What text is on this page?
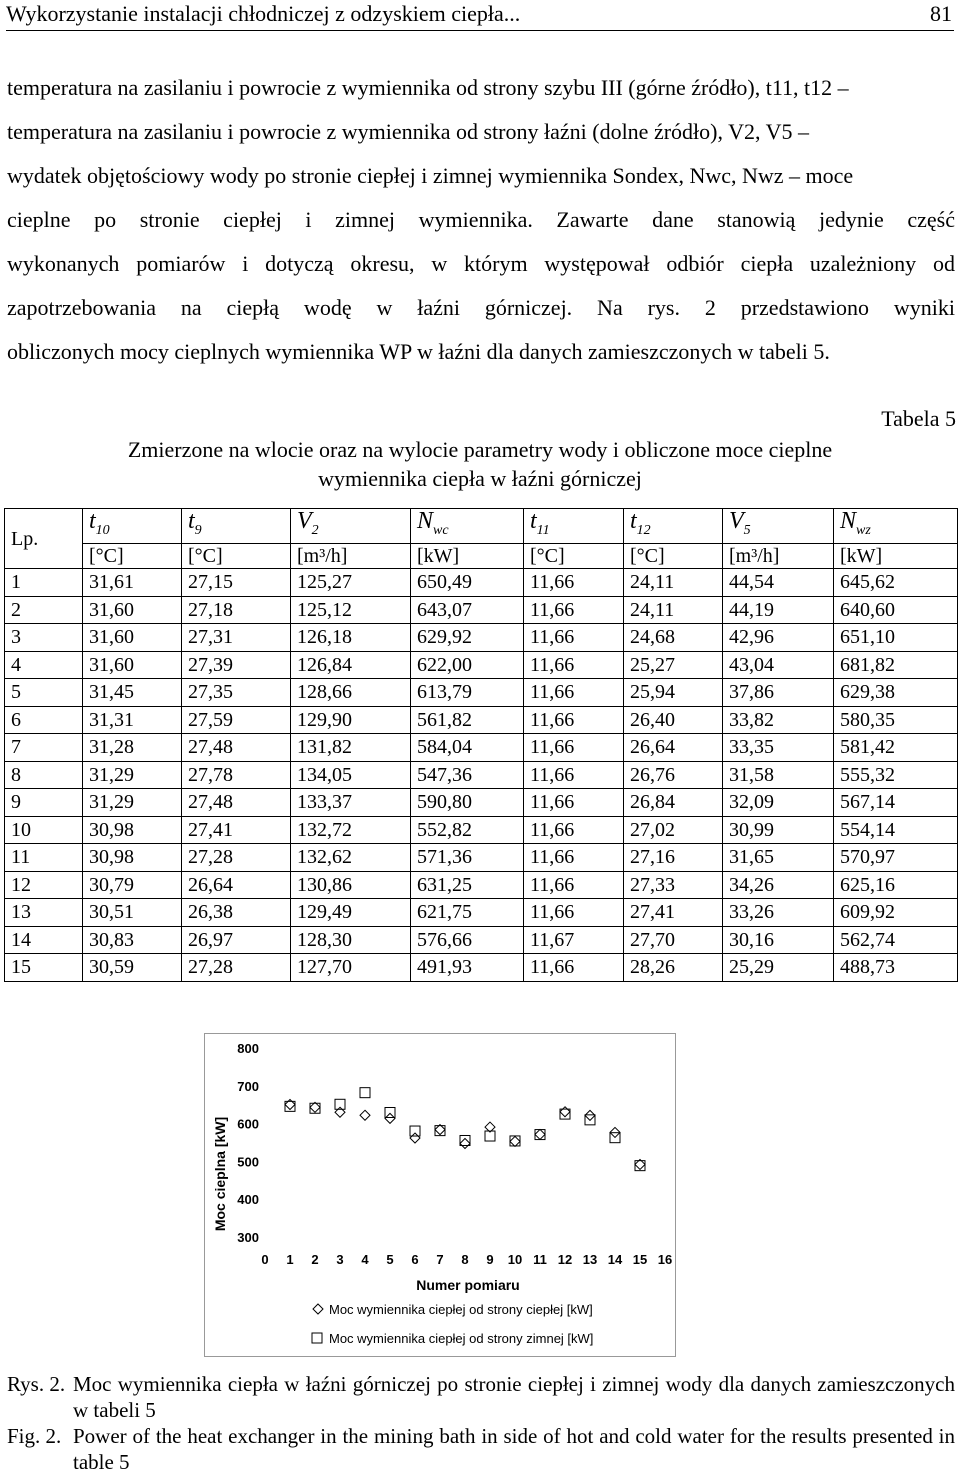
Wykorzystanie instalacji chłodniczej z odzyskiem ciepła...	81
temperatura na zasilaniu i powrocie z wymiennika od strony szybu III (górne źródło), t11, t12 –
temperatura na zasilaniu i powrocie z wymiennika od strony łaźni (dolne źródło), V2, V5 –
wydatek objętościowy wody po stronie ciepłej i zimnej wymiennika Sondex, Nwc, Nwz – moce
cieplne po stronie ciepłej i zimnej wymiennika. Zawarte dane stanowią jedynie część
wykonanych pomiarów i dotyczą okresu, w którym występował odbiór ciepła uzależniony od
zapotrzebowania na ciepłą wodę w łaźni górniczej. Na rys. 2 przedstawiono wyniki
obliczonych mocy cieplnych wymiennika WP w łaźni dla danych zamieszczonych w tabeli 5.
Tabela 5
Zmierzone na wlocie oraz na wylocie parametry wody i obliczone moce cieplne
wymiennika ciepła w łaźni górniczej
Lp.	$t_{10}$	$t_9$	$V_2$	$N_{wc}$	$t_{11}$	$t_{12}$	$V_5$	$N_{wz}$
	[°C]	[°C]	[m³/h]	[kW]	[°C]	[°C]	[m³/h]	[kW]
1	31,61	27,15	125,27	650,49	11,66	24,11	44,54	645,62
2	31,60	27,18	125,12	643,07	11,66	24,11	44,19	640,60
3	31,60	27,31	126,18	629,92	11,66	24,68	42,96	651,10
4	31,60	27,39	126,84	622,00	11,66	25,27	43,04	681,82
5	31,45	27,35	128,66	613,79	11,66	25,94	37,86	629,38
6	31,31	27,59	129,90	561,82	11,66	26,40	33,82	580,35
7	31,28	27,48	131,82	584,04	11,66	26,64	33,35	581,42
8	31,29	27,78	134,05	547,36	11,66	26,76	31,58	555,32
9	31,29	27,48	133,37	590,80	11,66	26,84	32,09	567,14
10	30,98	27,41	132,72	552,82	11,66	27,02	30,99	554,14
11	30,98	27,28	132,62	571,36	11,66	27,16	31,65	570,97
12	30,79	26,64	130,86	631,25	11,66	27,33	34,26	625,16
13	30,51	26,38	129,49	621,75	11,66	27,41	33,26	609,92
14	30,83	26,97	128,30	576,66	11,67	27,70	30,16	562,74
15	30,59	27,28	127,70	491,93	11,66	28,26	25,29	488,73
300
400
500
600
700
800
0 1 2 3 4 5 6 7 8 9 10 11 12 13 14 15 16
Numer pomiaru
Moc cieplna [kW]
Moc wymiennika ciepłej od strony ciepłej [kW]
Moc wymiennika ciepłej od strony zimnej [kW]
Rys. 2. Moc wymiennika ciepła w łaźni górniczej po stronie ciepłej i zimnej wody dla danych zamieszczonych w tabeli 5
Fig. 2. Power of the heat exchanger in the mining bath in side of hot and cold water for the results presented in table 5
